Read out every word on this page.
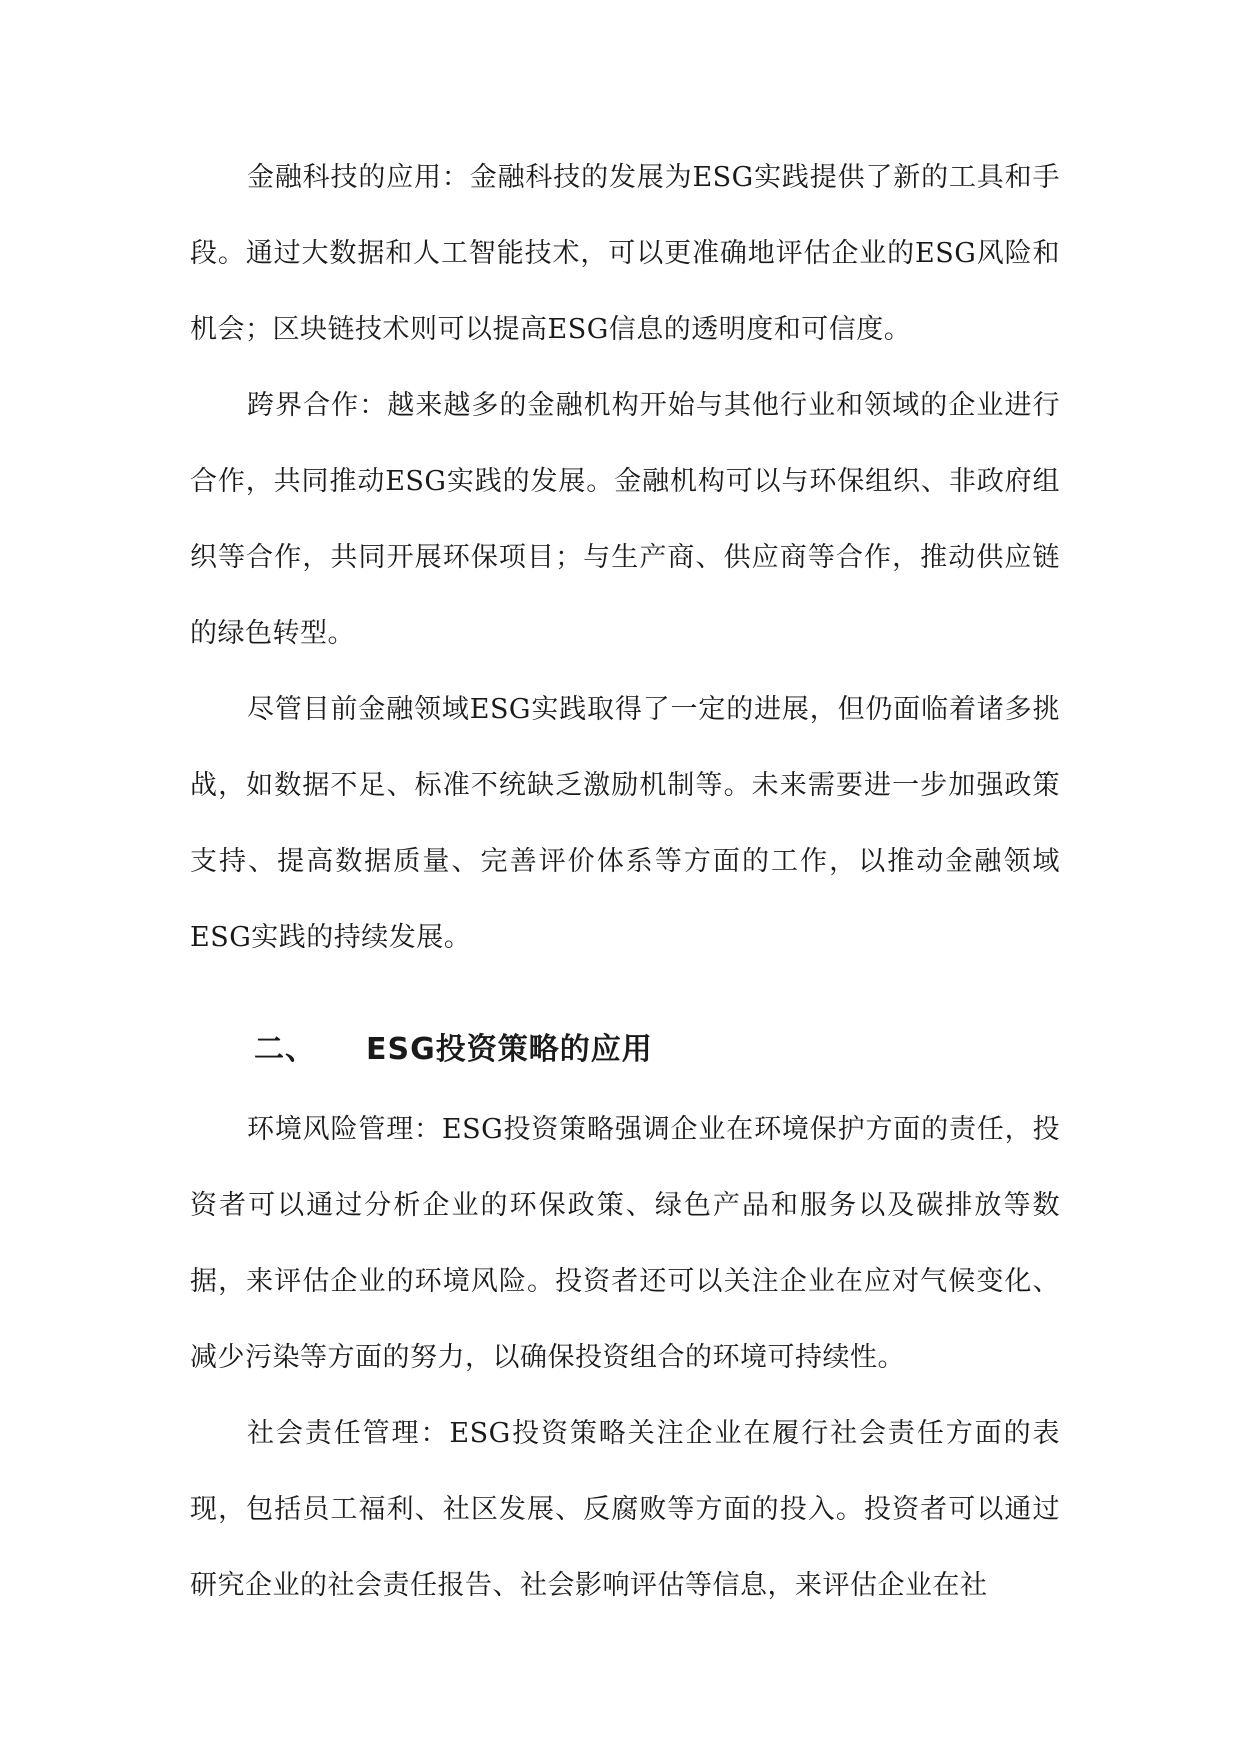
金融科技的应用：金融科技的发展为ESG实践提供了新的工具和手段。通过大数据和人工智能技术，可以更准确地评估企业的ESG风险和机会；区块链技术则可以提高ESG信息的透明度和可信度。

跨界合作：越来越多的金融机构开始与其他行业和领域的企业进行合作，共同推动ESG实践的发展。金融机构可以与环保组织、非政府组织等合作，共同开展环保项目；与生产商、供应商等合作，推动供应链的绿色转型。

尽管目前金融领域ESG实践取得了一定的进展，但仍面临着诸多挑战，如数据不足、标准不统缺乏激励机制等。未来需要进一步加强政策支持、提高数据质量、完善评价体系等方面的工作，以推动金融领域ESG实践的持续发展。

二、 ESG投资策略的应用

环境风险管理：ESG投资策略强调企业在环境保护方面的责任，投资者可以通过分析企业的环保政策、绿色产品和服务以及碳排放等数据，来评估企业的环境风险。投资者还可以关注企业在应对气候变化、减少污染等方面的努力，以确保投资组合的环境可持续性。

社会责任管理：ESG投资策略关注企业在履行社会责任方面的表现，包括员工福利、社区发展、反腐败等方面的投入。投资者可以通过研究企业的社会责任报告、社会影响评估等信息，来评估企业在社
